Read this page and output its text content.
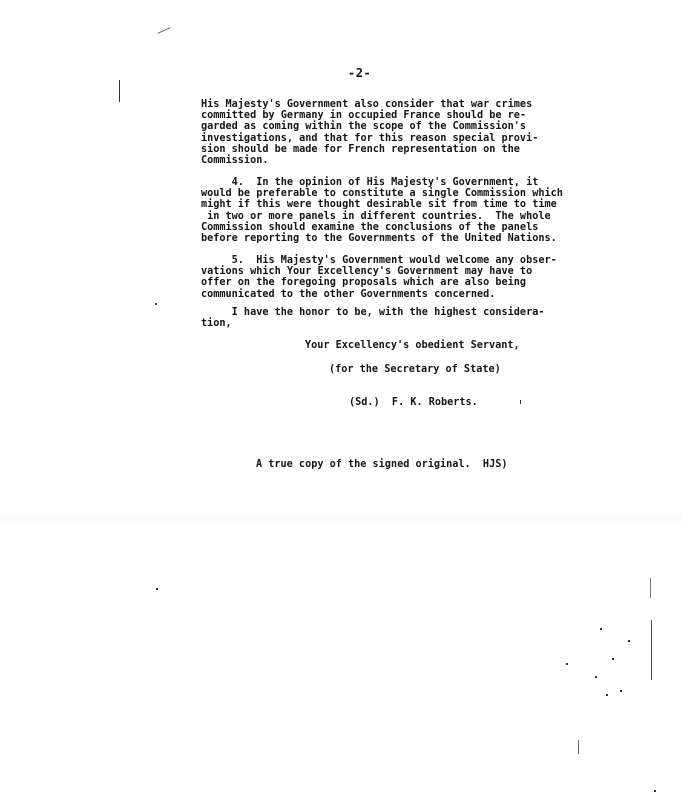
-2-

His Majesty's Government also consider that war crimes
committed by Germany in occupied France should be re-
garded as coming within the scope of the Commission's
investigations, and that for this reason special provi-
sion should be made for French representation on the
Commission.

4.  In the opinion of His Majesty's Government, it
would be preferable to constitute a single Commission which
might if this were thought desirable sit from time to time
in two or more panels in different countries.  The whole
Commission should examine the conclusions of the panels
before reporting to the Governments of the United Nations.

5.  His Majesty's Government would welcome any obser-
vations which Your Excellency's Government may have to
offer on the foregoing proposals which are also being
communicated to the other Governments concerned.

I have the honor to be, with the highest considera-
tion,

Your Excellency's obedient Servant,
(for the Secretary of State)
(Sd.)  F. K. Roberts.
A true copy of the signed original.  HJS)
